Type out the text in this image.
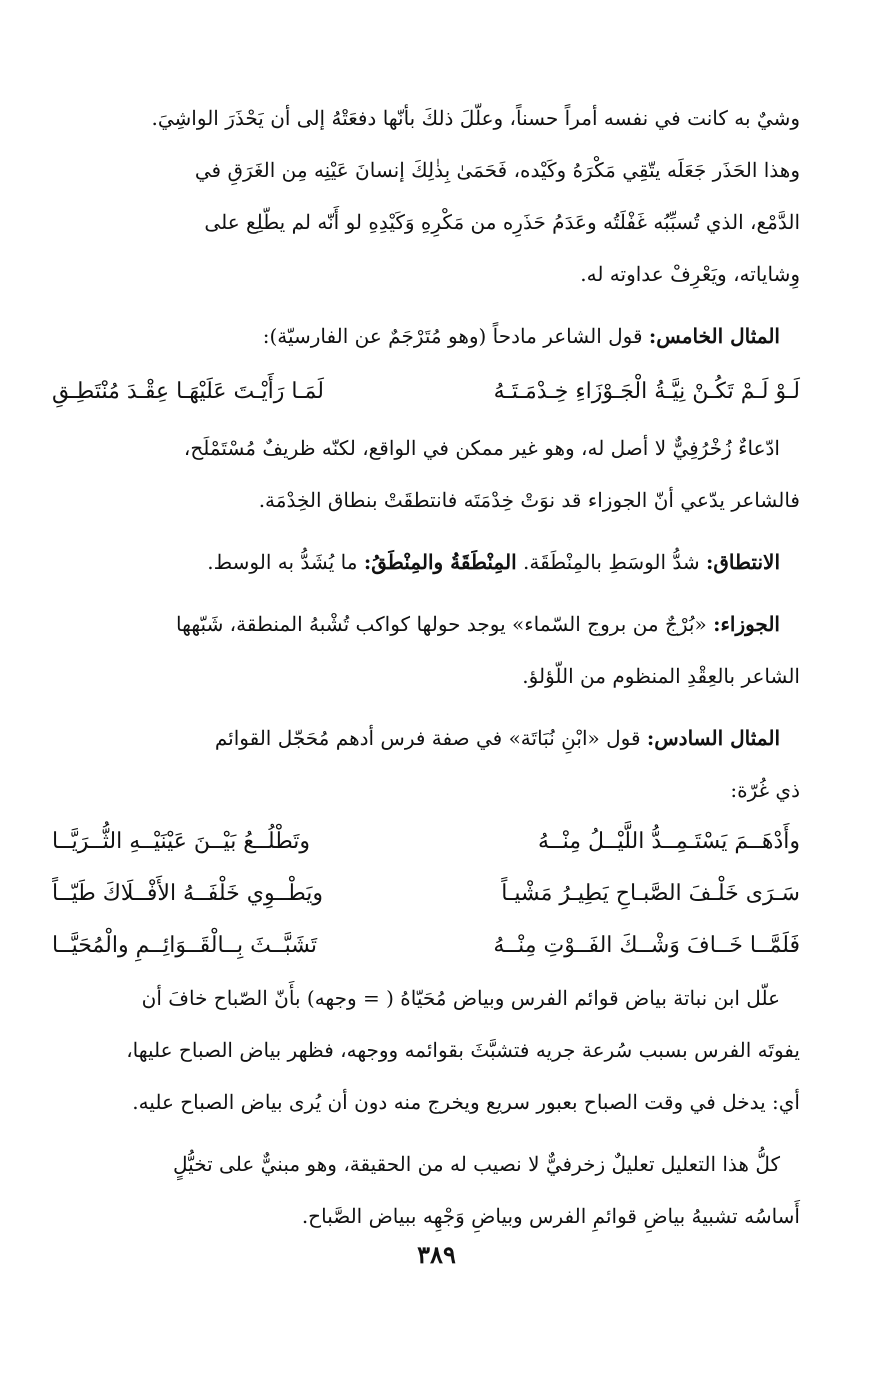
وشيٌ به كانت في نفسه أمراً حسناً، وعلّلَ ذلكَ بأنّها دفعَتْهُ إلى أن يَحْذَرَ الواشِيَ.

وهذا الحَذَر جَعَلَه يتّقِي مَكْرَهُ وكَيْده، فَحَمَىٰ بِذٰلِكَ إنسانَ عَيْنِه مِن الغَرَقِ في

الدَّمْع، الذي تُسبِّبُه غَفْلَتُه وعَدَمُ حَذَرِه من مَكْرِهِ وَكَيْدِهِ لو أَنّه لم يطّلِع على

وِشاياته، ويَعْرِفْ عداوته له.

المثال الخامس: قول الشاعر مادحاً (وهو مُتَرْجَمٌ عن الفارسيّة):

لَـوْ لَـمْ تَكُـنْ نِيَّـةُ الْجَـوْزَاءِ خِـدْمَـتَـهُ
لَمَـا رَأَيْـتَ عَلَيْهَـا عِقْـدَ مُنْتَطِـقِ

ادّعاءٌ زُخْرُفِيٌّ لا أصل له، وهو غير ممكن في الواقع، لكنّه ظريفٌ مُسْتَمْلَح،

فالشاعر يدّعي أنّ الجوزاء قد نوَتْ خِدْمَتَه فانتطقَتْ بنطاق الخِدْمَة.

الانتطاق: شدُّ الوسَطِ بالمِنْطَقَة. المِنْطَقَةُ والمِنْطَقُ: ما يُشَدُّ به الوسط.

الجوزاء: «بُرْجٌ من بروج السّماء» يوجد حولها كواكب تُشْبهُ المنطقة، شَبّهها

الشاعر بالعِقْدِ المنظوم من اللّؤلؤ.

المثال السادس: قول «ابْنِ نُبَاتَة» في صفة فرس أدهم مُحَجّل القوائم

ذي غُرّة:

وأَدْهَــمَ يَسْتَـمِــدُّ اللَّيْــلُ مِنْــهُ
وتَطْلُــعُ بَيْــنَ عَيْنَيْــهِ الثُّــرَيَّــا
سَـرَى خَلْـفَ الصَّبـاحِ يَطِيـرُ مَشْيـاً
ويَطْــوِي خَلْفَــهُ الأَفْــلَاكَ طَيّــاً
فَلَمَّــا خَــافَ وَشْــكَ الفَــوْتِ مِنْــهُ
تَشَبَّــثَ بِــالْقَــوَائِــمِ والْمُحَيَّــا

علّل ابن نباتة بياض قوائم الفرس وبياض مُحَيّاهُ ( = وجهه) بأَنّ الصّباح خافَ أن

يفوتَه الفرس بسبب سُرعة جريه فتشبَّثَ بقوائمه ووجهه، فظهر بياض الصباح عليها،

أي: يدخل في وقت الصباح بعبور سريع ويخرج منه دون أن يُرى بياض الصباح عليه.

كلُّ هذا التعليل تعليلٌ زخرفيٌّ لا نصيب له من الحقيقة، وهو مبنيٌّ على تخيُّلٍ

أَساسُه تشبيهُ بياضِ قوائمِ الفرس وبياضِ وَجْهِه ببياض الصَّباح.

٣٨٩
